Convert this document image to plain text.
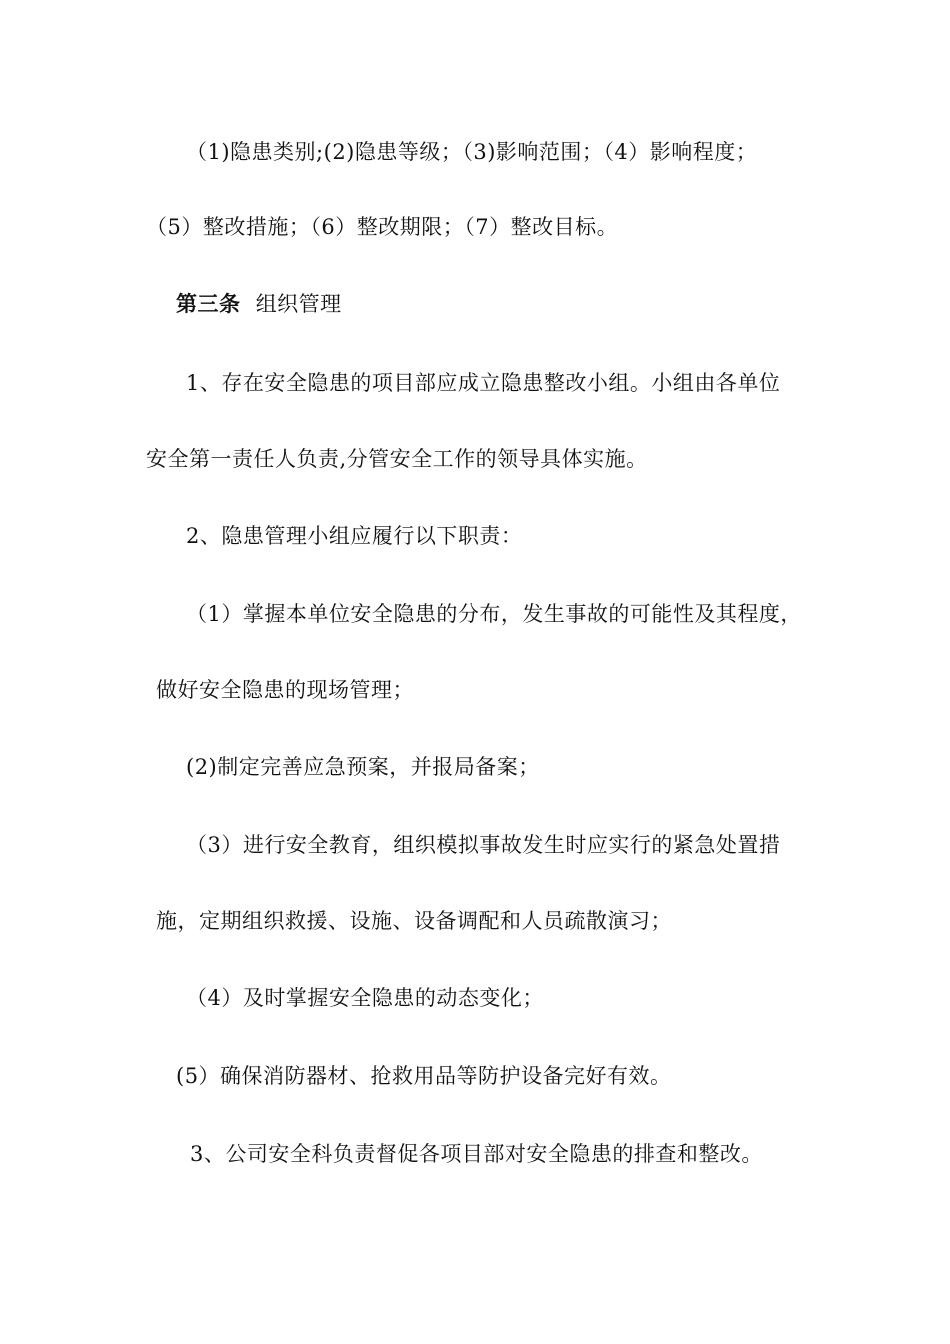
（1)隐患类别;(2)隐患等级；（3)影响范围；（4）影响程度；
（5）整改措施；（6）整改期限；（7）整改目标。
第三条 组织管理
1、存在安全隐患的项目部应成立隐患整改小组。小组由各单位
安全第一责任人负责,分管安全工作的领导具体实施。
2、隐患管理小组应履行以下职责：
（1）掌握本单位安全隐患的分布，发生事故的可能性及其程度，
做好安全隐患的现场管理；
(2)制定完善应急预案，并报局备案；
（3）进行安全教育，组织模拟事故发生时应实行的紧急处置措
施，定期组织救援、设施、设备调配和人员疏散演习；
（4）及时掌握安全隐患的动态变化；
(5）确保消防器材、抢救用品等防护设备完好有效。
3、公司安全科负责督促各项目部对安全隐患的排查和整改。
